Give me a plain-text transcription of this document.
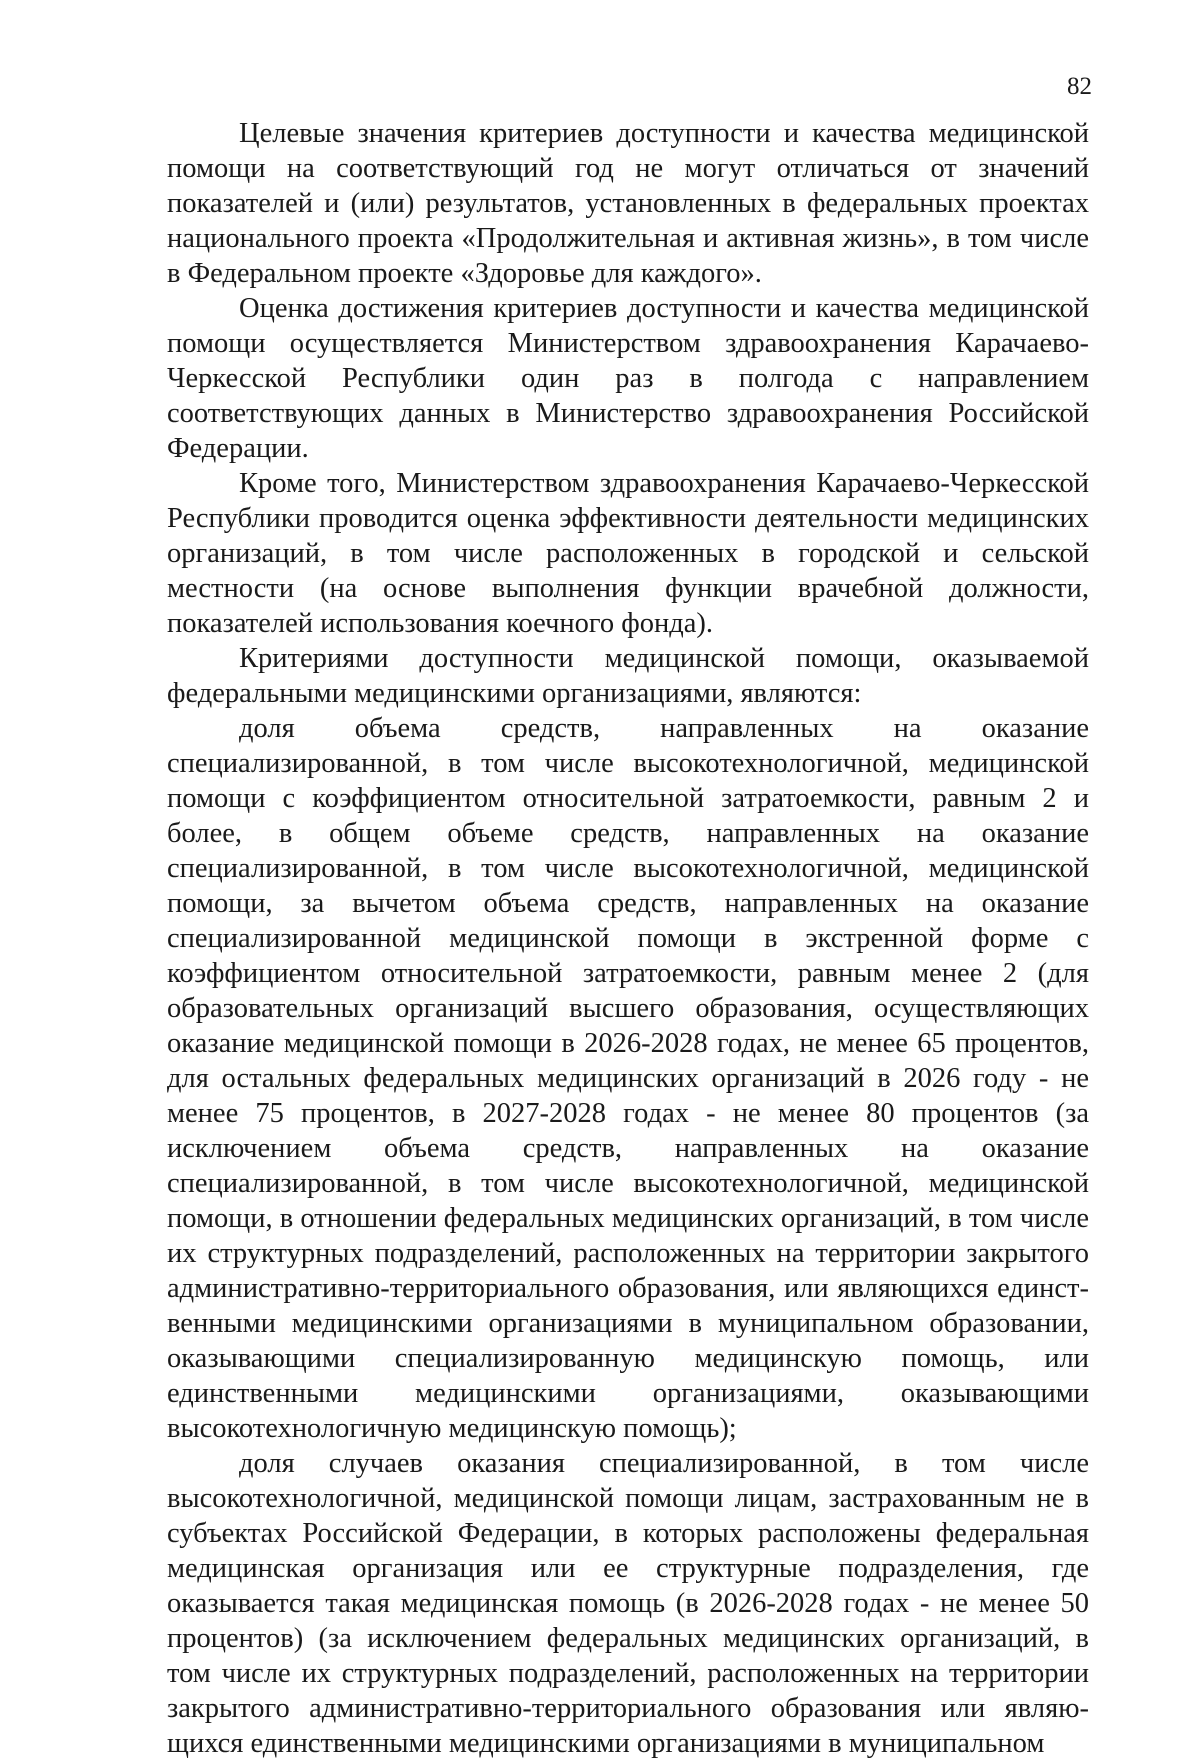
82

Целевые значения критериев доступности и качества медицинской помощи на соответствующий год не могут отличаться от значений показателей и (или) результатов, установленных в федеральных проектах национального проекта «Продолжительная и активная жизнь», в том числе в Федеральном проекте «Здоровье для каждого».

Оценка достижения критериев доступности и качества медицинской помощи осуществляется Министерством здравоохранения Карачаево-Черкесской Республики один раз в полгода с направлением соответствующих данных в Министерство здравоохранения Российской Федерации.

Кроме того, Министерством здравоохранения Карачаево-Черкесской Республики проводится оценка эффективности деятельности медицинских организаций, в том числе расположенных в городской и сельской местности (на основе выполнения функции врачебной должности, показателей использования коечного фонда).

Критериями доступности медицинской помощи, оказываемой федеральными медицинскими организациями, являются:

доля объема средств, направленных на оказание специализированной, в том числе высокотехнологичной, медицинской помощи с коэффициентом относительной затратоемкости, равным 2 и более, в общем объеме средств, направленных на оказание специализированной, в том числе высокотехнологичной, медицинской помощи, за вычетом объема средств, направленных на оказание специализированной медицинской помощи в экстренной форме с коэффициентом относительной затратоемкости, равным менее 2 (для образовательных организаций высшего образования, осуществляющих оказание медицинской помощи в 2026-2028 годах, не менее 65 процентов, для остальных федеральных медицинских организаций в 2026 году - не менее 75 процентов, в 2027-2028 годах - не менее 80 процентов (за исключением объема средств, направленных на оказание специализированной, в том числе высокотехнологичной, медицинской помощи, в отношении федеральных медицинских организаций, в том числе их структурных подразделений, расположенных на территории закрытого административно-территориального образования, или являющихся единственными медицинскими организациями в муниципальном образовании, оказывающими специализированную медицинскую помощь, или единственными медицинскими организациями, оказывающими высокотехнологичную медицинскую помощь);

доля случаев оказания специализированной, в том числе высокотехнологичной, медицинской помощи лицам, застрахованным не в субъектах Российской Федерации, в которых расположены федеральная медицинская организация или ее структурные подразделения, где оказывается такая медицинская помощь (в 2026-2028 годах - не менее 50 процентов) (за исключением федеральных медицинских организаций, в том числе их структурных подразделений, расположенных на территории закрытого административно-территориального образования или являющихся единственными медицинскими организациями в муниципальном
